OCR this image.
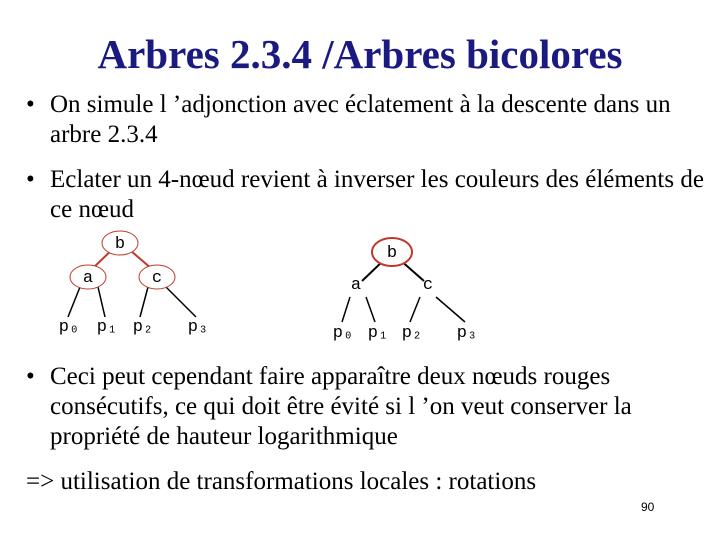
Arbres 2.3.4 /Arbres bicolores
• On simule l ’adjonction avec éclatement à la descente dans un arbre 2.3.4
• Eclater un 4-nœud revient à inverser les couleurs des éléments de ce nœud
b
a	c
p₀ p₁ p₂ p₃
b
a	c
p₀ p₁ p₂ p₃
• Ceci peut cependant faire apparaître deux nœuds rouges consécutifs, ce qui doit être évité si l ’on veut conserver la propriété de hauteur logarithmique
=> utilisation de transformations locales : rotations
90
